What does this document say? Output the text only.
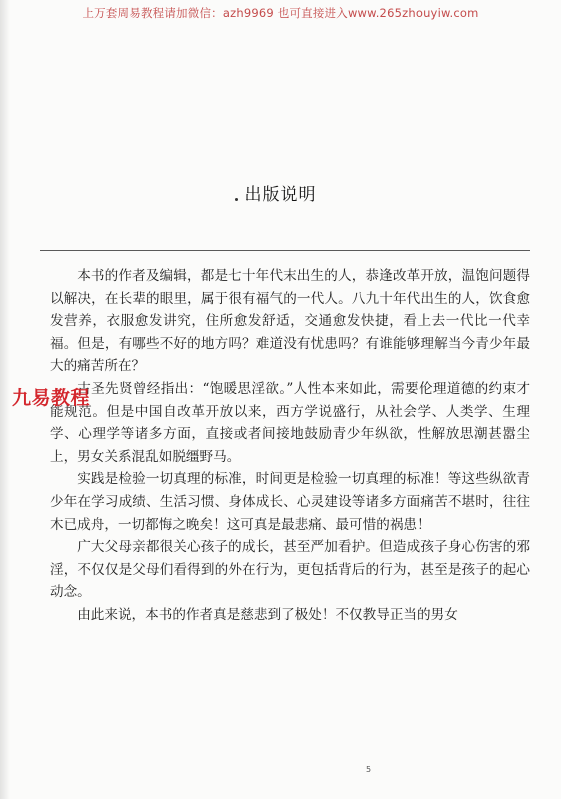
上万套周易教程请加微信：azh9969 也可直接进入www.265zhouyiw.com
出版说明

本书的作者及编辑，都是七十年代末出生的人，恭逢改革开放，温饱问题得以解决，在长辈的眼里，属于很有福气的一代人。八九十年代出生的人，饮食愈发营养，衣服愈发讲究，住所愈发舒适，交通愈发快捷，看上去一代比一代幸福。但是，有哪些不好的地方吗？难道没有忧患吗？有谁能够理解当今青少年最大的痛苦所在？

古圣先贤曾经指出：“饱暖思淫欲。”人性本来如此，需要伦理道德的约束才能规范。但是中国自改革开放以来，西方学说盛行，从社会学、人类学、生理学、心理学等诸多方面，直接或者间接地鼓励青少年纵欲，性解放思潮甚嚣尘上，男女关系混乱如脱缰野马。

实践是检验一切真理的标准，时间更是检验一切真理的标准！等这些纵欲青少年在学习成绩、生活习惯、身体成长、心灵建设等诸多方面痛苦不堪时，往往木已成舟，一切都悔之晚矣！这可真是最悲痛、最可惜的祸患！

广大父母亲都很关心孩子的成长，甚至严加看护。但造成孩子身心伤害的邪淫，不仅仅是父母们看得到的外在行为，更包括背后的行为，甚至是孩子的起心动念。

由此来说，本书的作者真是慈悲到了极处！不仅教导正当的男女

九易教程
5
